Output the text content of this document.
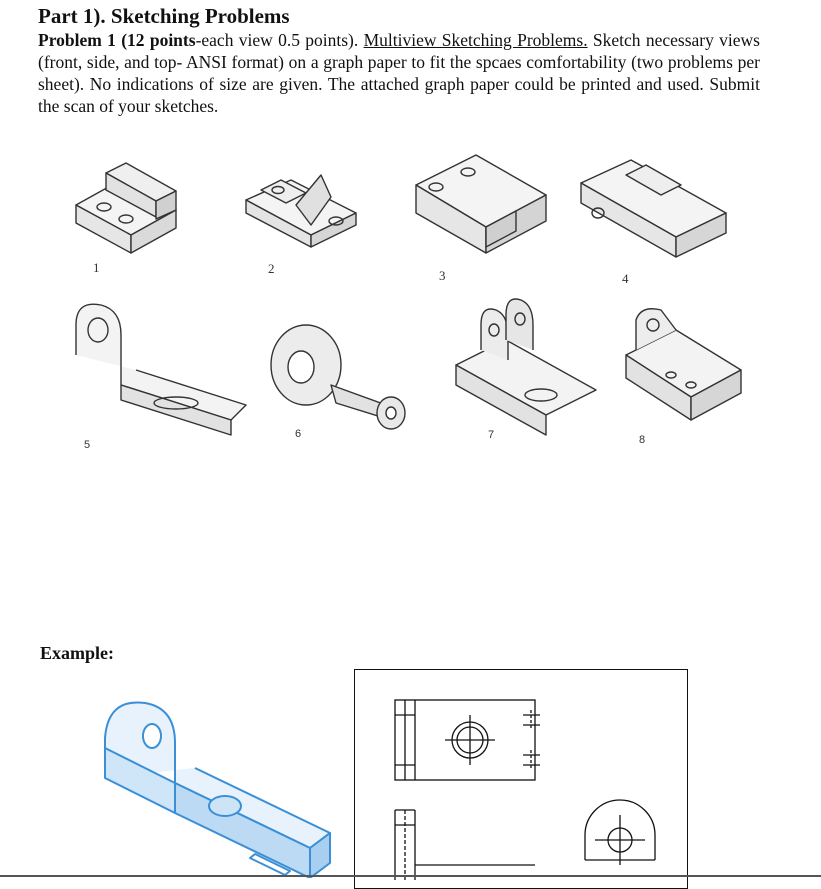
Part 1). Sketching Problems

Problem 1 (12 points-each view 0.5 points). Multiview Sketching Problems. Sketch necessary views (front, side, and top- ANSI format) on a graph paper to fit the spcaes comfortability (two problems per sheet). No indications of size are given. The attached graph paper could be printed and used. Submit the scan of your sketches.

1	2	3	4
5
6	7	8
Example:
